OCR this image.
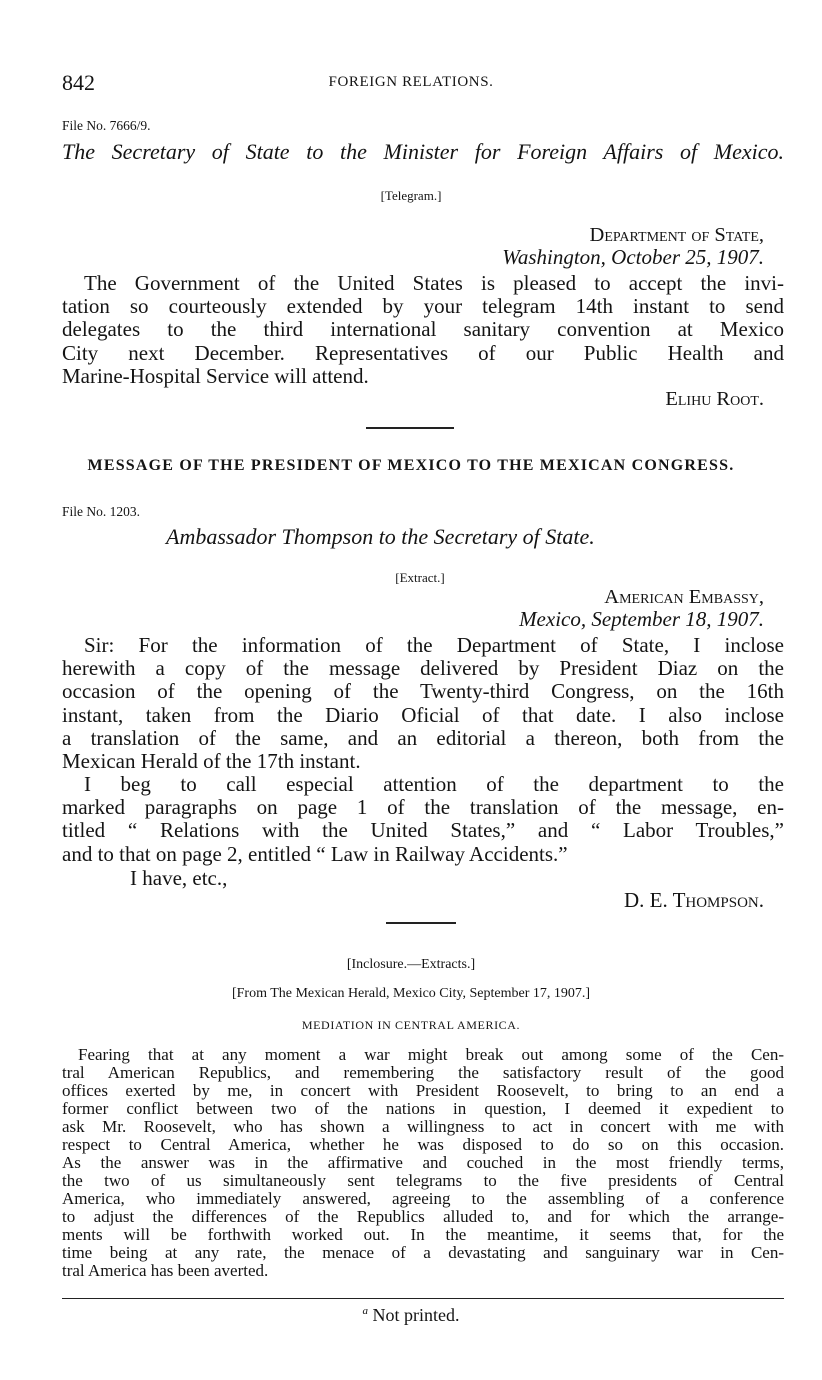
842	FOREIGN RELATIONS.
File No. 7666/9.
The Secretary of State to the Minister for Foreign Affairs of Mexico.
[Telegram.]
Department of State,
Washington, October 25, 1907.
The Government of the United States is pleased to accept the invi-
tation so courteously extended by your telegram 14th instant to send
delegates to the third international sanitary convention at Mexico
City next December. Representatives of our Public Health and
Marine-Hospital Service will attend.
Elihu Root.
MESSAGE OF THE PRESIDENT OF MEXICO TO THE MEXICAN CONGRESS.
File No. 1203.
Ambassador Thompson to the Secretary of State.
[Extract.]
American Embassy,
Mexico, September 18, 1907.
Sir: For the information of the Department of State, I inclose
herewith a copy of the message delivered by President Diaz on the
occasion of the opening of the Twenty-third Congress, on the 16th
instant, taken from the Diario Oficial of that date. I also inclose
a translation of the same, and an editorial a thereon, both from the
Mexican Herald of the 17th instant.
I beg to call especial attention of the department to the
marked paragraphs on page 1 of the translation of the message, en-
titled “ Relations with the United States,” and “ Labor Troubles,”
and to that on page 2, entitled “ Law in Railway Accidents.”
I have, etc.,
D. E. Thompson.
[Inclosure.—Extracts.]
[From The Mexican Herald, Mexico City, September 17, 1907.]
MEDIATION IN CENTRAL AMERICA.
Fearing that at any moment a war might break out among some of the Cen-
tral American Republics, and remembering the satisfactory result of the good
offices exerted by me, in concert with President Roosevelt, to bring to an end a
former conflict between two of the nations in question, I deemed it expedient to
ask Mr. Roosevelt, who has shown a willingness to act in concert with me with
respect to Central America, whether he was disposed to do so on this occasion.
As the answer was in the affirmative and couched in the most friendly terms,
the two of us simultaneously sent telegrams to the five presidents of Central
America, who immediately answered, agreeing to the assembling of a conference
to adjust the differences of the Republics alluded to, and for which the arrange-
ments will be forthwith worked out. In the meantime, it seems that, for the
time being at any rate, the menace of a devastating and sanguinary war in Cen-
tral America has been averted.
$^a$ Not printed.
